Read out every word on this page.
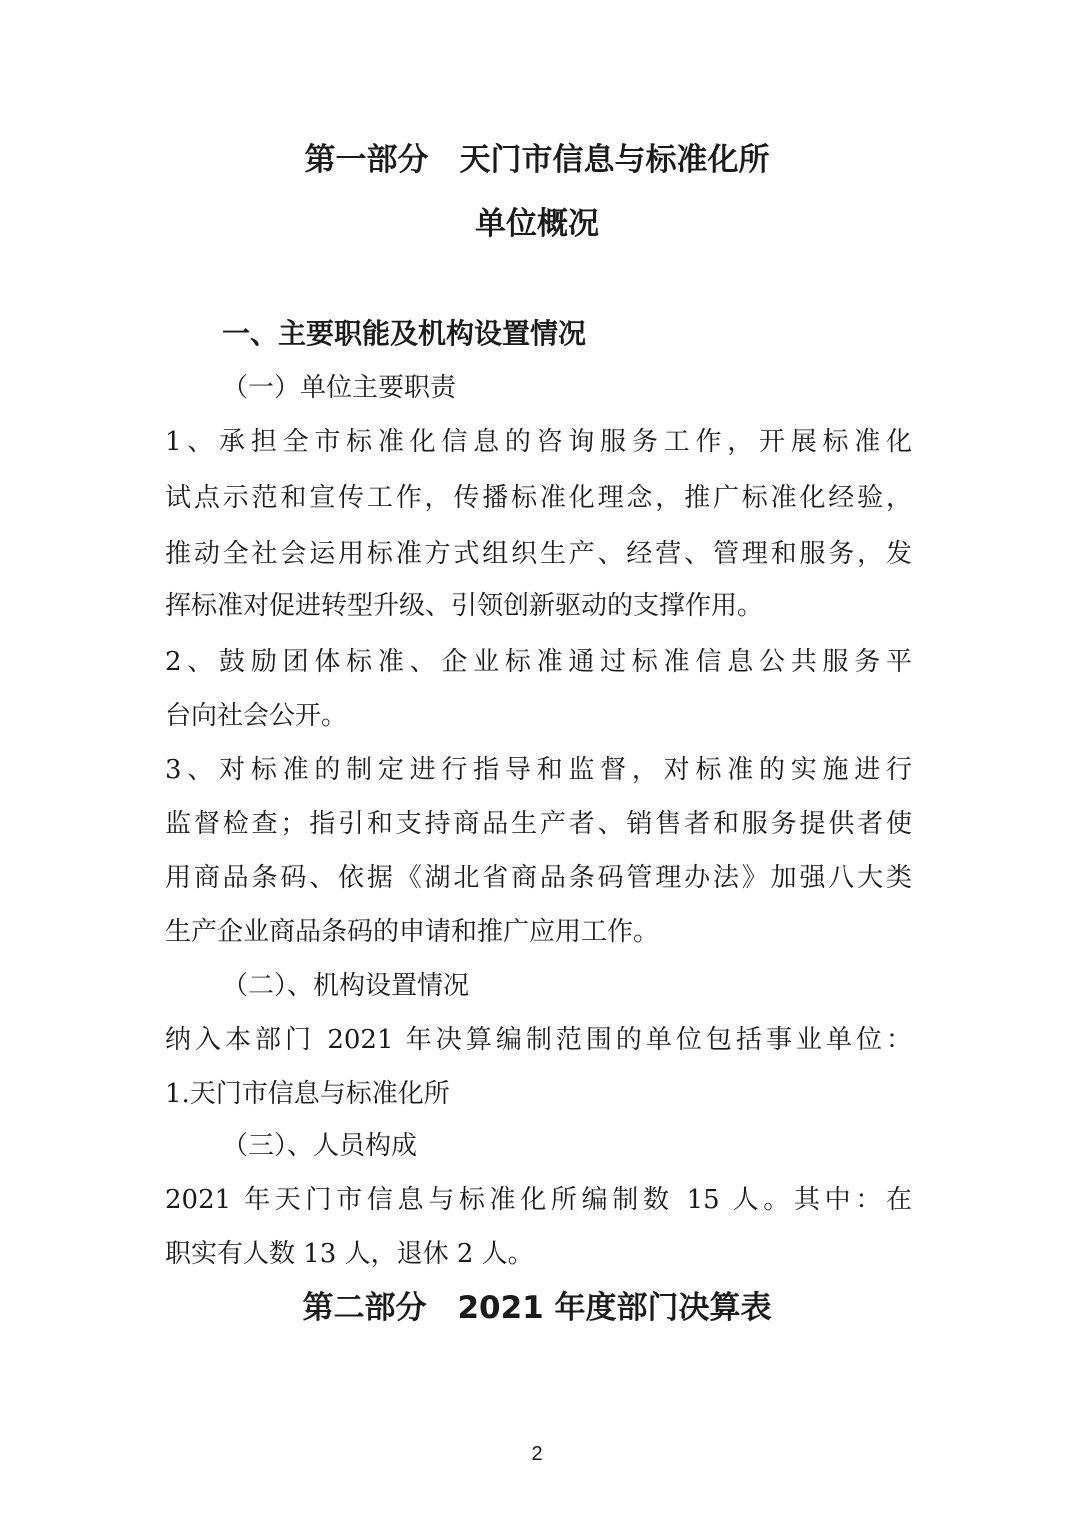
第一部分　天门市信息与标准化所
单位概况
一、主要职能及机构设置情况
（一）单位主要职责
1、承担全市标准化信息的咨询服务工作，开展标准化
试点示范和宣传工作，传播标准化理念，推广标准化经验，
推动全社会运用标准方式组织生产、经营、管理和服务，发
挥标准对促进转型升级、引领创新驱动的支撑作用。
2、鼓励团体标准、企业标准通过标准信息公共服务平
台向社会公开。
3、对标准的制定进行指导和监督，对标准的实施进行
监督检查；指引和支持商品生产者、销售者和服务提供者使
用商品条码、依据《湖北省商品条码管理办法》加强八大类
生产企业商品条码的申请和推广应用工作。
（二）、机构设置情况
纳入本部门 2021 年决算编制范围的单位包括事业单位：
1.天门市信息与标准化所
（三）、人员构成
2021 年天门市信息与标准化所编制数 15 人。其中：在
职实有人数 13 人，退休 2 人。
第二部分　2021 年度部门决算表
2
